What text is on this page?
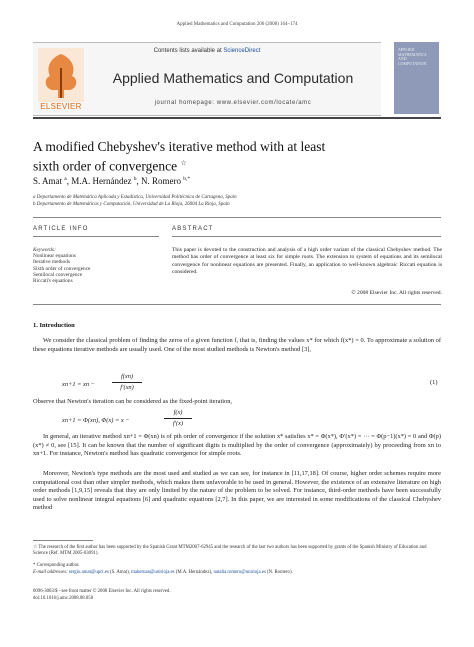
Applied Mathematics and Computation 206 (2008) 164–174
Contents lists available at ScienceDirect
ELSEVIER
Applied Mathematics and Computation
journal homepage: www.elsevier.com/locate/amc
APPLIED MATHEMATICS AND COMPUTATION
A modified Chebyshev's iterative method with at least
sixth order of convergence ☆
S. Amat $^a$, M.A. Hernández $^b$, N. Romero $^{b,*}$
a Departamento de Matemática Aplicada y Estadística, Universidad Politécnica de Cartagena, Spain
b Departamento de Matemáticas y Computación, Universidad de La Rioja, 26004 La Rioja, Spain
ARTICLE INFO	ABSTRACT
Keywords:
Nonlinear equations
Iterative methods
Sixth order of convergence
Semilocal convergence
Riccati's equations
This paper is devoted to the construction and analysis of a high order variant of the classical Chebyshev method. The method has order of convergence at least six for simple roots. The extension to system of equations and its semilocal convergence for nonlinear equations are presented. Finally, an application to well-known algebraic Riccati equation is considered.
© 2008 Elsevier Inc. All rights reserved.
1. Introduction
We consider the classical problem of finding the zeros of a given function f, that is, finding the values x* for which f(x*) = 0. To approximate a solution of these equations iterative methods are usually used. One of the most studied methods is Newton's method [3],
xn+1 = xn −
f(xn)
f′(xn)
(1)
Observe that Newton's iteration can be considered as the fixed-point iteration,
xn+1 = Φ(xn), Φ(x) = x −
f(x)
f′(x)
In general, an iterative method xn+1 = Φ(xn) is of pth order of convergence if the solution x* satisfies x* = Φ(x*), Φ′(x*) = ··· = Φ(p−1)(x*) = 0 and Φ(p)(x*) ≠ 0, see [15]. It can be known that the number of significant digits is multiplied by the order of convergence (approximately) by proceeding from xn to xn+1. For instance, Newton's method has quadratic convergence for simple roots.
Moreover, Newton's type methods are the most used and studied as we can see, for instance in [11,17,18]. Of course, higher order schemes require more computational cost than other simpler methods, which makes them unfavorable to be used in general. However, the existence of an extensive literature on high order methods [1,9,15] reveals that they are only limited by the nature of the problem to be solved. For instance, third-order methods have been successfully used to solve nonlinear integral equations [6] and quadratic equations [2,7]. In this paper, we are interested in some modifications of the classical Chebyshev method
☆ The research of the first author has been supported by the Spanish Grant MTM2007-62945 and the research of the last two authors has been supported by grants of the Spanish Ministry of Education and Science (Ref. MTM 2005-03091).
* Corresponding author.
E-mail addresses: sergio.amat@upct.es (S. Amat), mahernan@unirioja.es (M.A. Hernández), natalia.romero@unirioja.es (N. Romero).
0096-3003/$ - see front matter © 2008 Elsevier Inc. All rights reserved.
doi:10.1016/j.amc.2008.08.050
